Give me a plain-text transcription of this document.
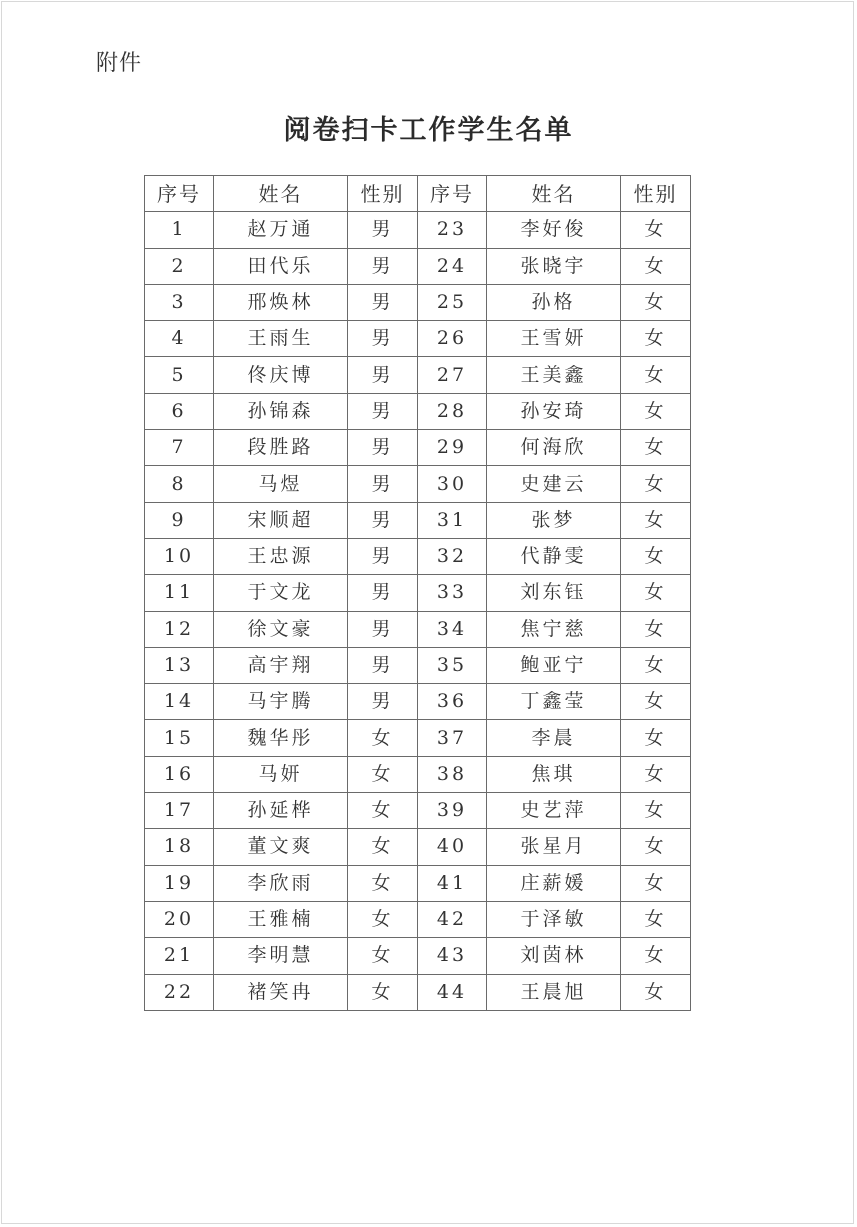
附件
阅卷扫卡工作学生名单
序号	姓名	性别	序号	姓名	性别
1	赵万通	男	23	李好俊	女
2	田代乐	男	24	张晓宇	女
3	邢焕林	男	25	孙格	女
4	王雨生	男	26	王雪妍	女
5	佟庆博	男	27	王美鑫	女
6	孙锦森	男	28	孙安琦	女
7	段胜路	男	29	何海欣	女
8	马煜	男	30	史建云	女
9	宋顺超	男	31	张梦	女
10	王忠源	男	32	代静雯	女
11	于文龙	男	33	刘东钰	女
12	徐文豪	男	34	焦宁慈	女
13	高宇翔	男	35	鲍亚宁	女
14	马宇腾	男	36	丁鑫莹	女
15	魏华彤	女	37	李晨	女
16	马妍	女	38	焦琪	女
17	孙延桦	女	39	史艺萍	女
18	董文爽	女	40	张星月	女
19	李欣雨	女	41	庄薪媛	女
20	王雅楠	女	42	于泽敏	女
21	李明慧	女	43	刘茵林	女
22	褚笑冉	女	44	王晨旭	女
